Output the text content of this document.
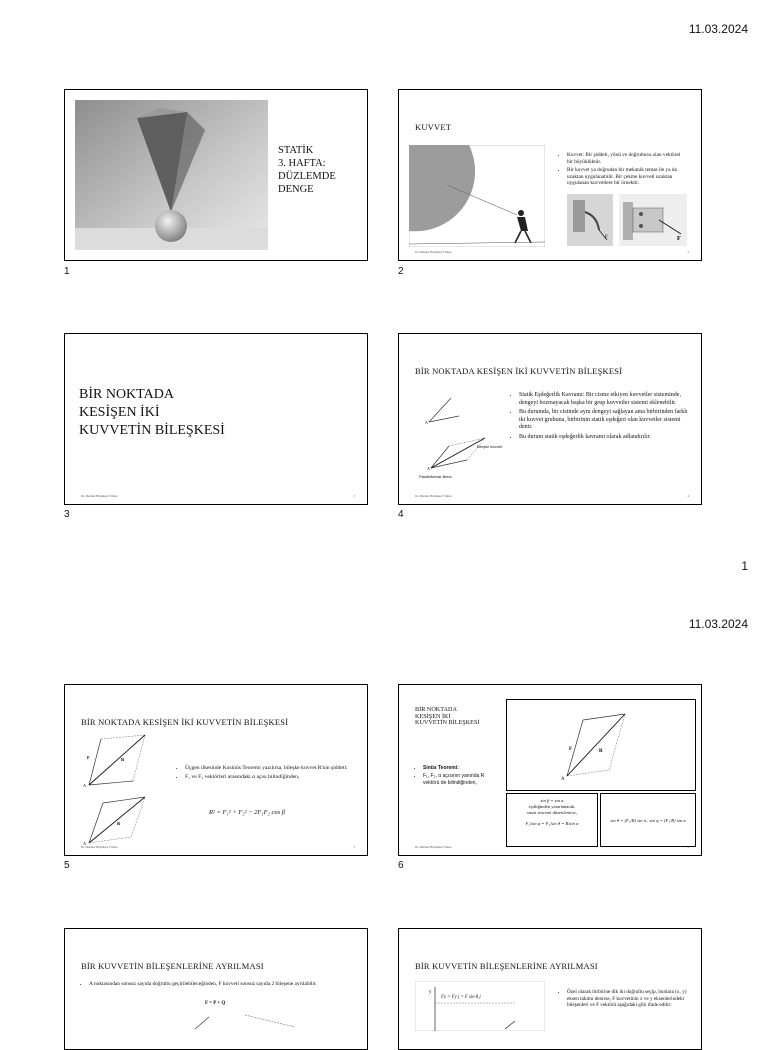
11.03.2024
STATİK
3. HAFTA:
DÜZLEMDE
DENGE
1
KUVVET
• Kuvvet: Bir şiddeti, yönü ve doğrultusu olan vektörel bir büyüklüktür.
• Bir kuvvet ya doğrudan bir mekanik temas ile ya da uzaktan uygulanabilir. Bir çekme kuvveti uzaktan uygulanan kuvvetlere bir örnektir.
F	F
Dr. Mehmet Büyükşen Yılmaz	2
2
BİR NOKTADA
KESİŞEN İKİ
KUVVETİN BİLEŞKESİ
Dr. Mehmet Büyükşen Yılmaz	3
3
BİR NOKTADA KESİŞEN İKİ KUVVETİN BİLEŞKESİ
A
A
Bileşke kuvveti
Paralelkenar ilkesi
• Statik Eşdeğerlik Kavramı: Bir cisme etkiyen kuvvetler sisteminde, dengeyi bozmayacak başka bir grup kuvvetler sistemi eklenebilir.
• Bu durumda, bir cisimde aynı dengeyi sağlayan ama birbirinden farklı iki kuvvet grubuna, birbirinin statik eşdeğeri olan kuvvetler sistemi denir.
• Bu durum statik eşdeğerlik kavramı olarak adlandırılır.
Dr. Mehmet Büyükşen Yılmaz	4
4
1
11.03.2024
BİR NOKTADA KESİŞEN İKİ KUVVETİN BİLEŞKESİ
A
F	R
A
R
• Üçgen ilkesinde Kosinüs Teoremi yazılırsa, bileşke kuvvet R'nin şiddeti:
• F₁ ve F₂ vektörleri arasındaki α açısı bilindiğinden,
R² = F₁² + F₂² − 2F₁F₂ cos β
Dr. Mehmet Büyükşen Yılmaz	5
5
BİR NOKTADA
KESİŞEN İKİ
KUVVETİN BİLEŞKESİ
• Sinüs Teoremi:
• F₁, F₂, α açısının yanında R vektörü de bilindiğinden,	A
F	R
sin β = sin α
eşitliğinden yararlanarak,
sinüs teoremi düzenlenirse,
F₁/sin φ = F₂/sin θ = R/sin α
sin θ = (F₂/R) sin α , sin φ = (F₁/R) sin α
Dr. Mehmet Büyükşen Yılmaz	6
6
BİR KUVVETİN BİLEŞENLERİNE AYRILMASI
• A noktasından sonsuz sayıda doğrultu geçirilebileceğinden, F kuvveti sonsuz sayıda 2 bileşene ayrılabilir.
F = P + Q
BİR KUVVETİN BİLEŞENLERİNE AYRILMASI
y
Fy = Fy j = F sin θ j
• Özel olarak birbirine dik iki doğrultu seçip, bunlara (x, y) eksen takımı denirse, F kuvvetinin x ve y eksenlerindeki bileşenleri ve F vektörü aşağıdaki gibi ifade edilir:
